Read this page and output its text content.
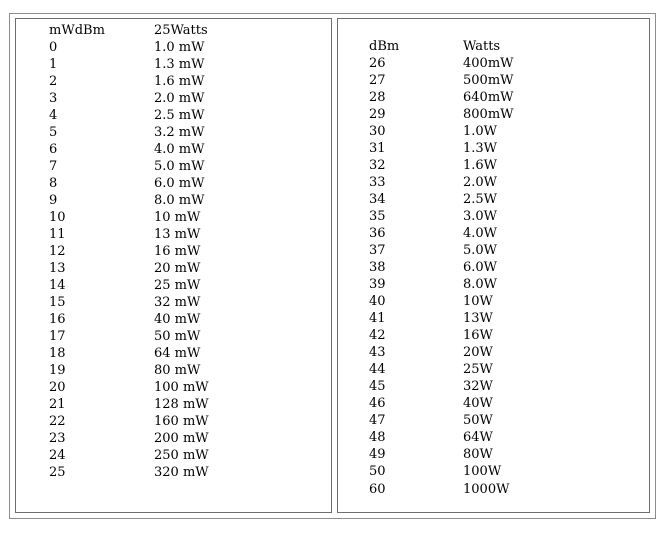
mWdBm	25Watts
0	1.0 mW
1	1.3 mW
2	1.6 mW
3	2.0 mW
4	2.5 mW
5	3.2 mW
6	4.0 mW
7	5.0 mW
8	6.0 mW
9	8.0 mW
10	10 mW
11	13 mW
12	16 mW
13	20 mW
14	25 mW
15	32 mW
16	40 mW
17	50 mW
18	64 mW
19	80 mW
20	100 mW
21	128 mW
22	160 mW
23	200 mW
24	250 mW
25	320 mW
dBm	Watts
26	400mW
27	500mW
28	640mW
29	800mW
30	1.0W
31	1.3W
32	1.6W
33	2.0W
34	2.5W
35	3.0W
36	4.0W
37	5.0W
38	6.0W
39	8.0W
40	10W
41	13W
42	16W
43	20W
44	25W
45	32W
46	40W
47	50W
48	64W
49	80W
50	100W
60	1000W
